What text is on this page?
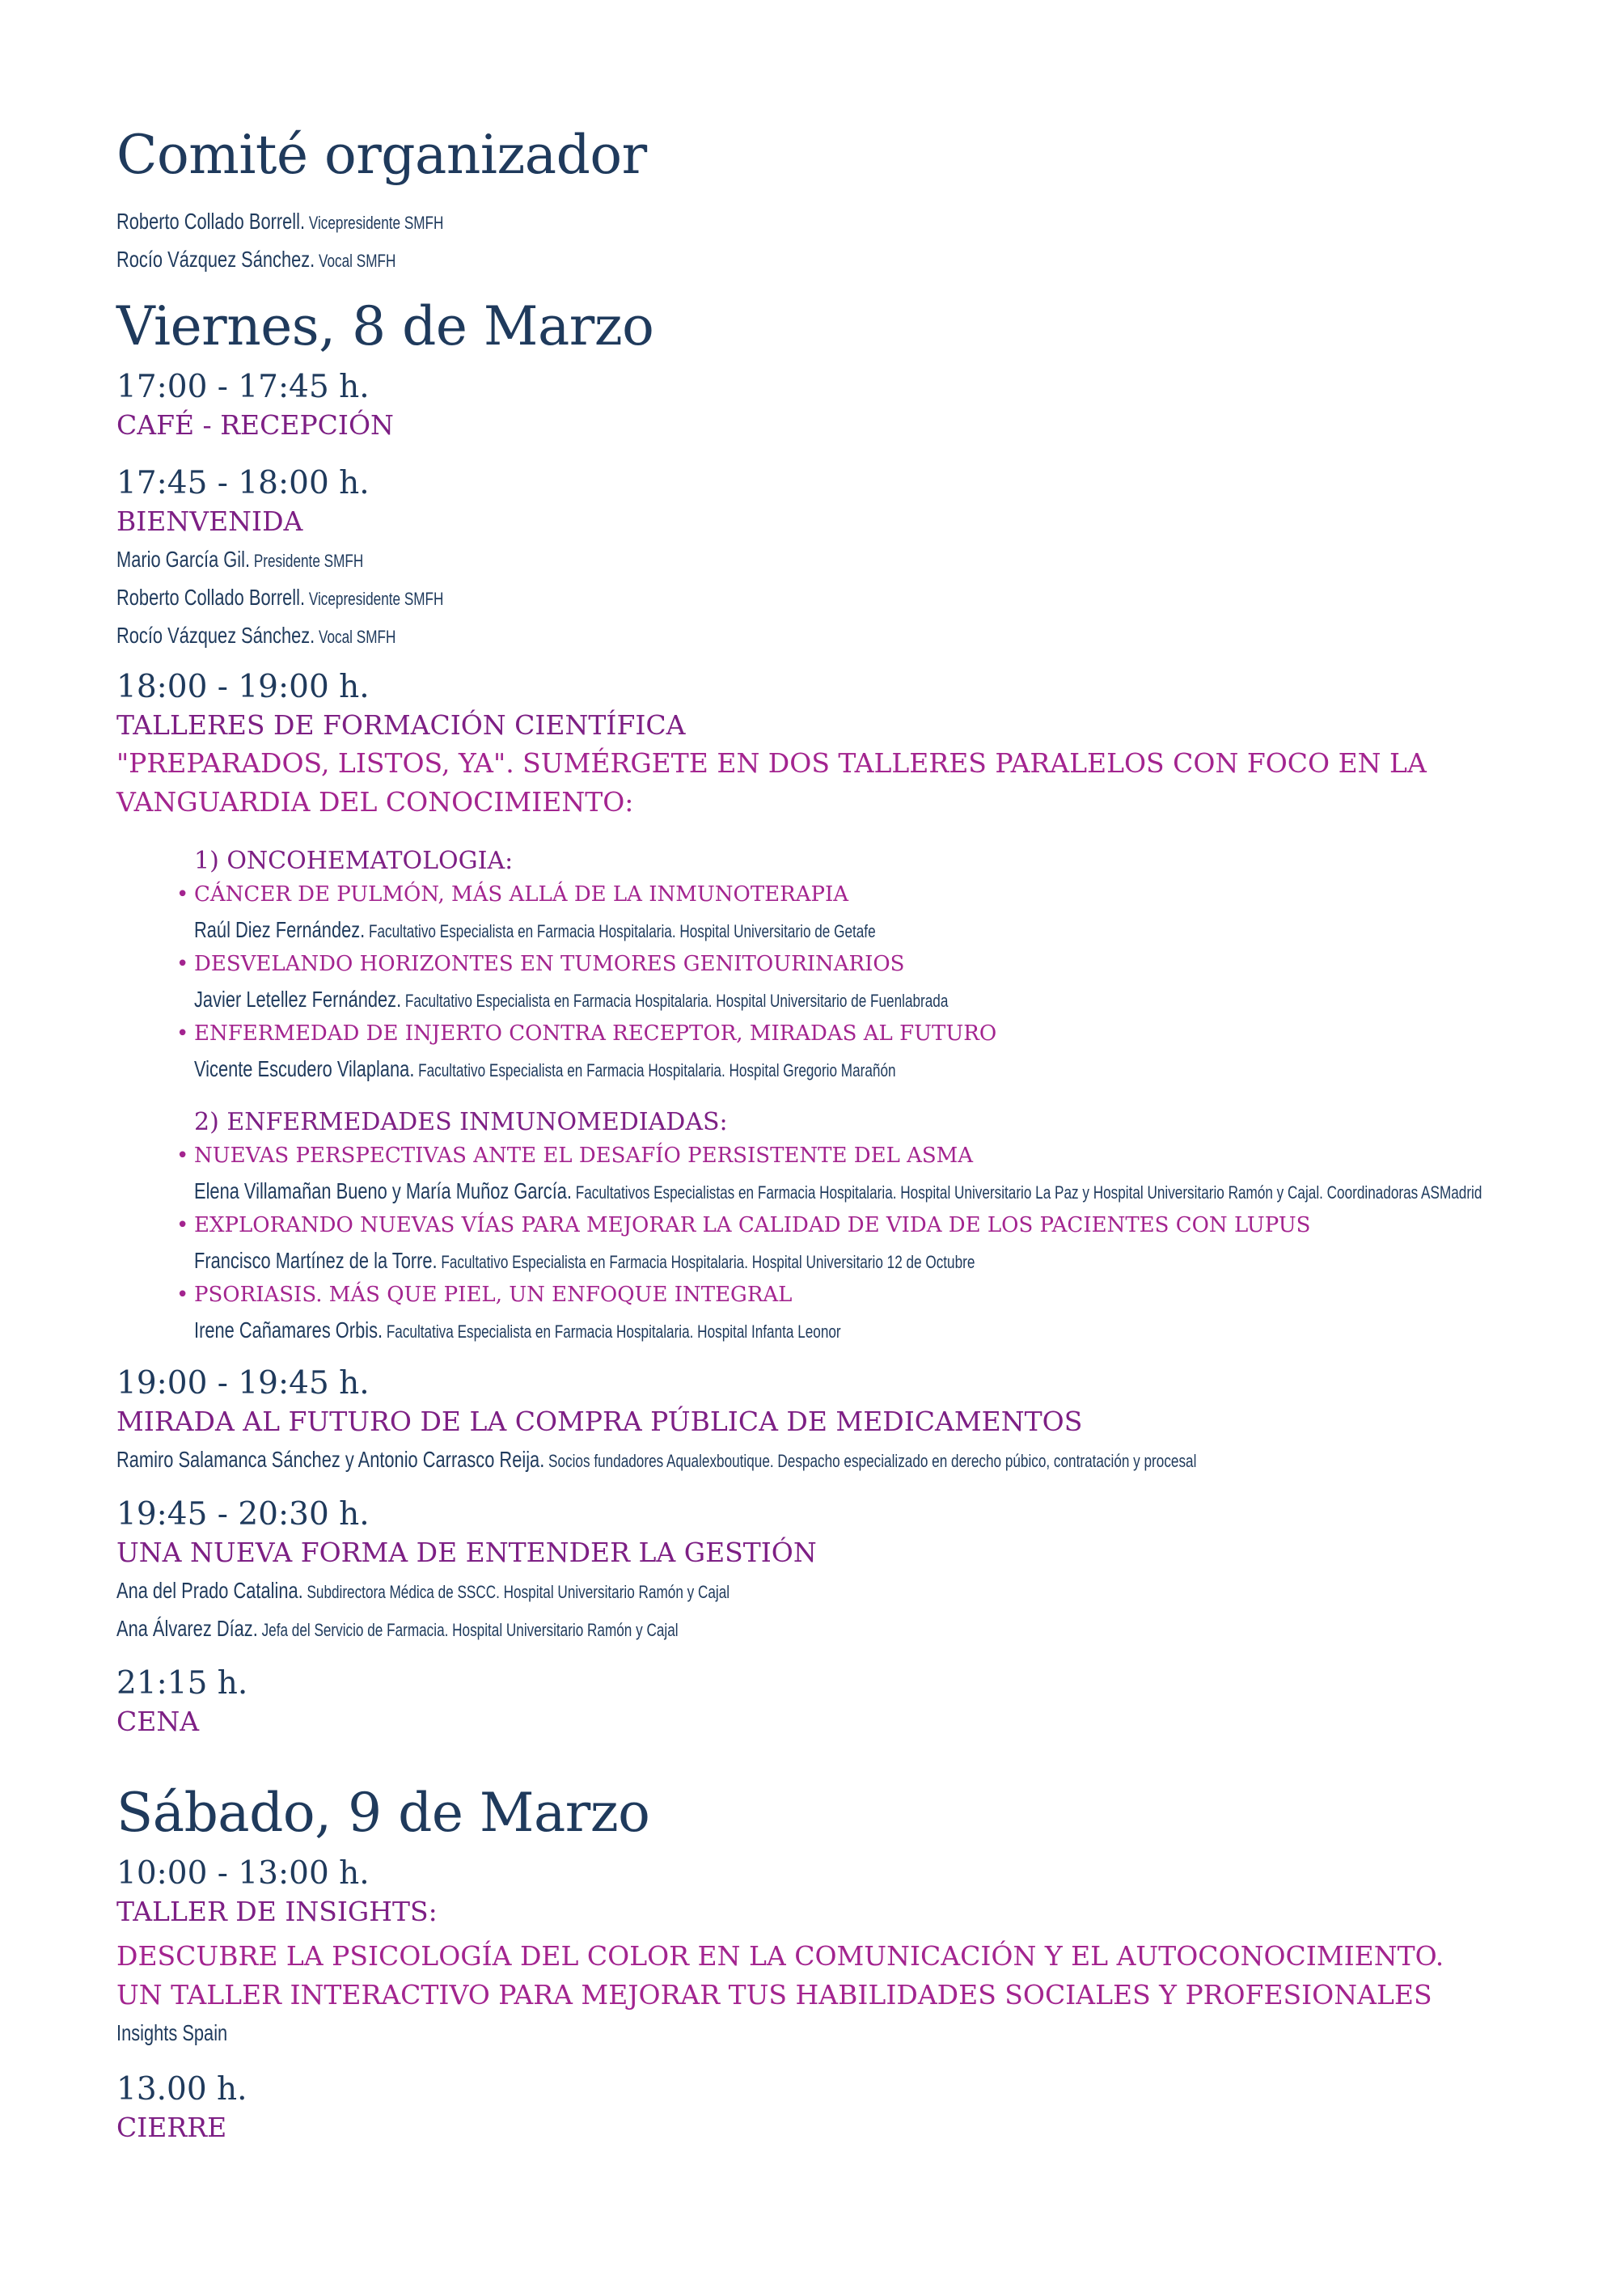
Comité organizador
Roberto Collado Borrell. Vicepresidente SMFH
Rocío Vázquez Sánchez. Vocal SMFH
Viernes, 8 de Marzo

17:00 - 17:45 h.

CAFÉ - RECEPCIÓN

17:45 - 18:00 h.

BIENVENIDA

Mario García Gil. Presidente SMFH
Roberto Collado Borrell. Vicepresidente SMFH
Rocío Vázquez Sánchez. Vocal SMFH

18:00 - 19:00 h.

TALLERES DE FORMACIÓN CIENTÍFICA

"PREPARADOS, LISTOS, YA". SUMÉRGETE EN DOS TALLERES PARALELOS CON FOCO EN LA

VANGUARDIA DEL CONOCIMIENTO:

1) ONCOHEMATOLOGIA:
• CÁNCER DE PULMÓN, MÁS ALLÁ DE LA INMUNOTERAPIA
Raúl Diez Fernández. Facultativo Especialista en Farmacia Hospitalaria. Hospital Universitario de Getafe
• DESVELANDO HORIZONTES EN TUMORES GENITOURINARIOS
Javier Letellez Fernández. Facultativo Especialista en Farmacia Hospitalaria. Hospital Universitario de Fuenlabrada
• ENFERMEDAD DE INJERTO CONTRA RECEPTOR, MIRADAS AL FUTURO
Vicente Escudero Vilaplana. Facultativo Especialista en Farmacia Hospitalaria. Hospital Gregorio Marañón
2) ENFERMEDADES INMUNOMEDIADAS:
• NUEVAS PERSPECTIVAS ANTE EL DESAFÍO PERSISTENTE DEL ASMA
Elena Villamañan Bueno y María Muñoz García. Facultativos Especialistas en Farmacia Hospitalaria. Hospital Universitario La Paz y Hospital Universitario Ramón y Cajal. Coordinadoras ASMadrid
• EXPLORANDO NUEVAS VÍAS PARA MEJORAR LA CALIDAD DE VIDA DE LOS PACIENTES CON LUPUS
Francisco Martínez de la Torre. Facultativo Especialista en Farmacia Hospitalaria. Hospital Universitario 12 de Octubre
• PSORIASIS. MÁS QUE PIEL, UN ENFOQUE INTEGRAL
Irene Cañamares Orbis. Facultativa Especialista en Farmacia Hospitalaria. Hospital Infanta Leonor

19:00 - 19:45 h.

MIRADA AL FUTURO DE LA COMPRA PÚBLICA DE MEDICAMENTOS

Ramiro Salamanca Sánchez y Antonio Carrasco Reija. Socios fundadores Aqualexboutique. Despacho especializado en derecho púbico, contratación y procesal

19:45 - 20:30 h.

UNA NUEVA FORMA DE ENTENDER LA GESTIÓN

Ana del Prado Catalina. Subdirectora Médica de SSCC. Hospital Universitario Ramón y Cajal
Ana Álvarez Díaz. Jefa del Servicio de Farmacia. Hospital Universitario Ramón y Cajal

21:15 h.

CENA

Sábado, 9 de Marzo

10:00 - 13:00 h.

TALLER DE INSIGHTS:

DESCUBRE LA PSICOLOGÍA DEL COLOR EN LA COMUNICACIÓN Y EL AUTOCONOCIMIENTO.

UN TALLER INTERACTIVO PARA MEJORAR TUS HABILIDADES SOCIALES Y PROFESIONALES

Insights Spain

13.00 h.

CIERRE
